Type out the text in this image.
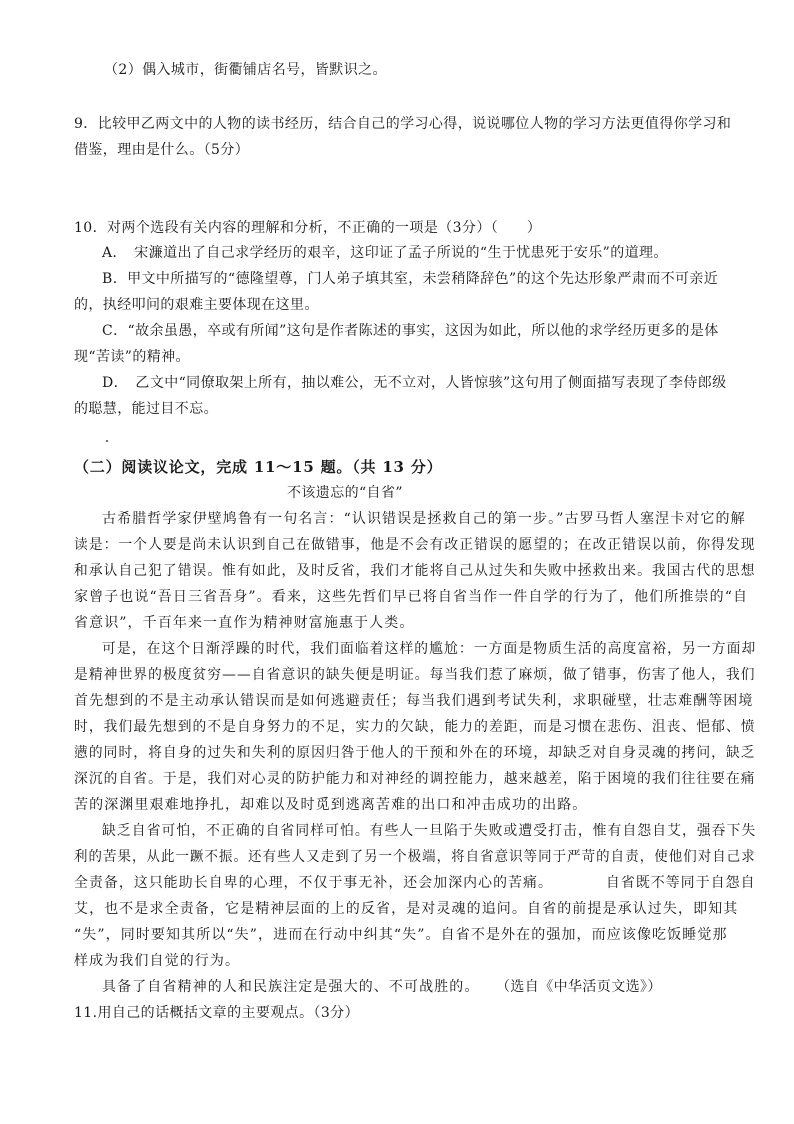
（2）偶入城市，街衢铺店名号，皆默识之。
9．比较甲乙两文中的人物的读书经历，结合自己的学习心得，说说哪位人物的学习方法更值得你学习和
借鉴，理由是什么。（5分）
10．对两个选段有关内容的理解和分析，不正确的一项是（3分）（　　）
A．　宋濂道出了自己求学经历的艰辛，这印证了孟子所说的“生于忧患死于安乐”的道理。
B．甲文中所描写的“德隆望尊，门人弟子填其室，未尝稍降辞色”的这个先达形象严肃而不可亲近
的，执经叩问的艰难主要体现在这里。
C．“故余虽愚，卒或有所闻”这句是作者陈述的事实，这因为如此，所以他的求学经历更多的是体
现“苦读”的精神。
D．　乙文中“同僚取架上所有，抽以难公，无不立对，人皆惊骇”这句用了侧面描写表现了李侍郎级
的聪慧，能过目不忘。
（二）阅读议论文，完成 11～15 题。（共 13 分）
不该遗忘的“自省”
古希腊哲学家伊壁鸠鲁有一句名言：“认识错误是拯救自己的第一步。”古罗马哲人塞涅卡对它的解
读是：一个人要是尚未认识到自己在做错事，他是不会有改正错误的愿望的；在改正错误以前，你得发现
和承认自己犯了错误。惟有如此，及时反省，我们才能将自己从过失和失败中拯救出来。我国古代的思想
家曾子也说“吾日三省吾身”。看来，这些先哲们早已将自省当作一件自学的行为了，他们所推崇的“自
省意识”，千百年来一直作为精神财富施惠于人类。
可是，在这个日渐浮躁的时代，我们面临着这样的尴尬：一方面是物质生活的高度富裕，另一方面却
是精神世界的极度贫穷——自省意识的缺失便是明证。每当我们惹了麻烦，做了错事，伤害了他人，我们
首先想到的不是主动承认错误而是如何逃避责任；每当我们遇到考试失利，求职碰壁，壮志难酬等困境
时，我们最先想到的不是自身努力的不足，实力的欠缺，能力的差距，而是习惯在悲伤、沮丧、悒郁、愤
懑的同时，将自身的过失和失利的原因归咎于他人的干预和外在的环境，却缺乏对自身灵魂的拷问，缺乏
深沉的自省。于是，我们对心灵的防护能力和对神经的调控能力，越来越差，陷于困境的我们往往要在痛
苦的深渊里艰难地挣扎，却难以及时觅到逃离苦难的出口和冲击成功的出路。
缺乏自省可怕，不正确的自省同样可怕。有些人一旦陷于失败或遭受打击，惟有自怨自艾，强吞下失
利的苦果，从此一蹶不振。还有些人又走到了另一个极端，将自省意识等同于严苛的自责，使他们对自己求
全责备，这只能助长自卑的心理，不仅于事无补，还会加深内心的苦痛。　　　　自省既不等同于自怨自
艾，也不是求全责备，它是精神层面的上的反省，是对灵魂的追问。自省的前提是承认过失，即知其
“失”，同时要知其所以“失”，进而在行动中纠其“失”。自省不是外在的强加，而应该像吃饭睡觉那
样成为我们自觉的行为。
具备了自省精神的人和民族注定是强大的、不可战胜的。 （选自《中华活页文选》）
11.用自己的话概括文章的主要观点。（3分）
